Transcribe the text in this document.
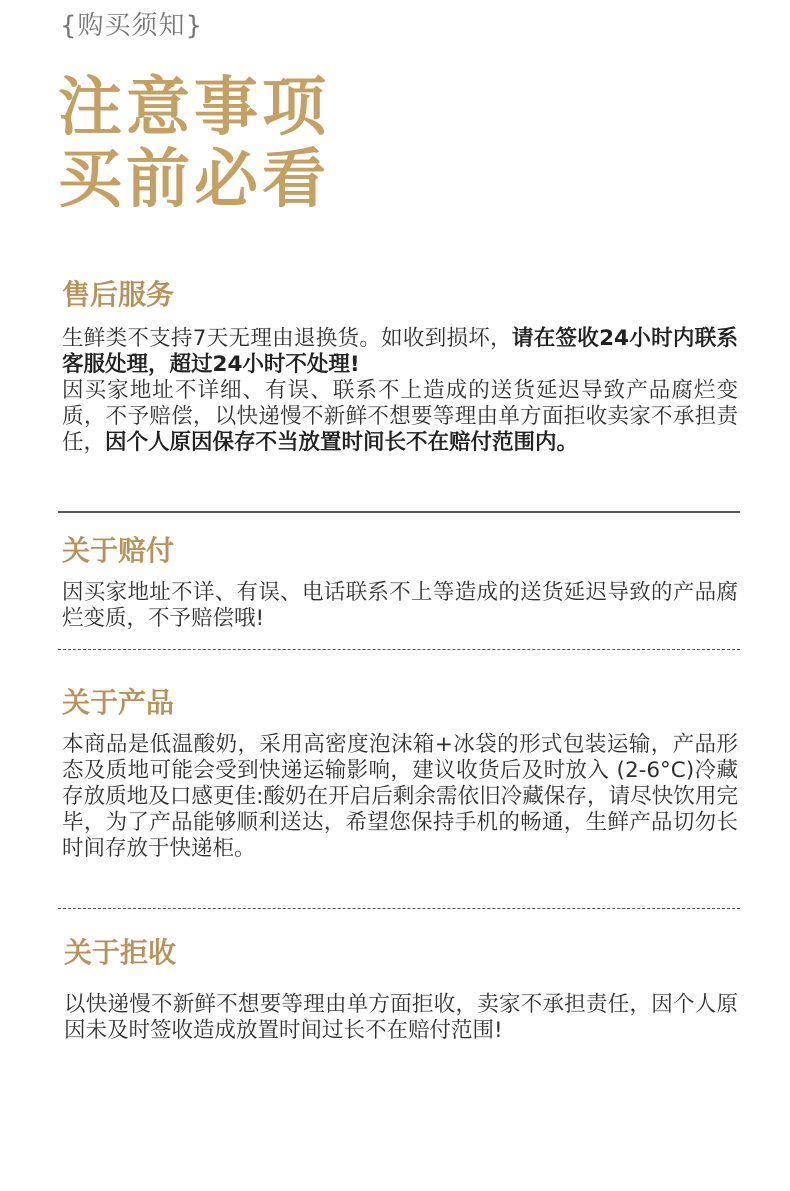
{购买须知}
注意事项
买前必看
售后服务

生鲜类不支持7天无理由退换货。如收到损坏，请在签收24小时内联系客服处理，超过24小时不处理!

因买家地址不详细、有误、联系不上造成的送货延迟导致产品腐烂变质，不予赔偿，以快递慢不新鲜不想要等理由单方面拒收卖家不承担责任，因个人原因保存不当放置时间长不在赔付范围内。

关于赔付

因买家地址不详、有误、电话联系不上等造成的送货延迟导致的产品腐烂变质，不予赔偿哦!

关于产品

本商品是低温酸奶，采用高密度泡沫箱+冰袋的形式包装运输，产品形态及质地可能会受到快递运输影响，建议收货后及时放入 (2-6°C)冷藏存放质地及口感更佳:酸奶在开启后剩余需依旧冷藏保存，请尽快饮用完毕，为了产品能够顺利送达，希望您保持手机的畅通，生鲜产品切勿长时间存放于快递柜。

关于拒收

以快递慢不新鲜不想要等理由单方面拒收，卖家不承担责任，因个人原因未及时签收造成放置时间过长不在赔付范围!
